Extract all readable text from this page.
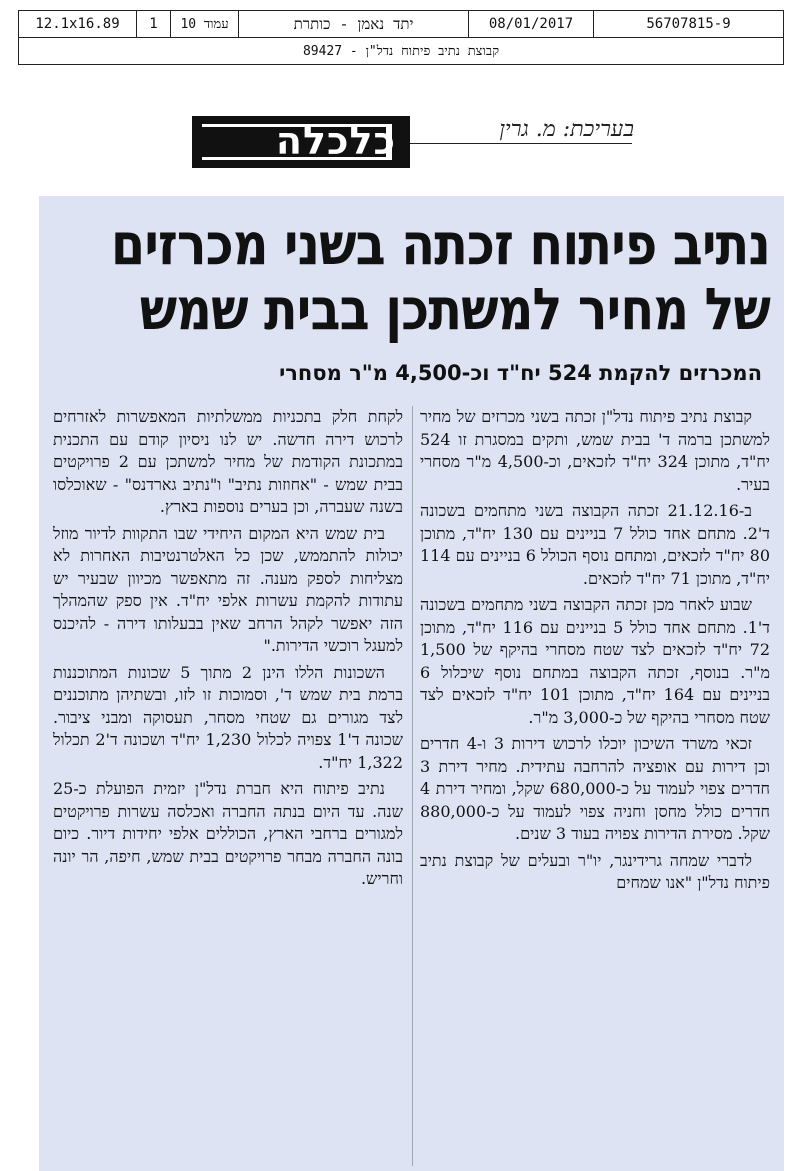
12.1x16.89	1	עמוד 10	יתד נאמן - כותרת	08/01/2017	56707815-9
קבוצת נתיב פיתוח נדל"ן - 89427
כלכלה	בעריכת: מ. גרין
נתיב פיתוח זכתה בשני מכרזים
של מחיר למשתכן בבית שמש
המכרזים להקמת 524 יח"ד וכ-4,500 מ"ר מסחרי

קבוצת נתיב פיתוח נדל"ן זכתה בשני מכרזים של מחיר למשתכן ברמה ד' בבית שמש, ותקים במסגרת זו 524 יח"ד, מתוכן 324 יח"ד לזכאים, וכ-4,500 מ"ר מסחרי בעיר.

ב-21.12.16 זכתה הקבוצה בשני מתחמים בשכונה ד'2. מתחם אחד כולל 7 בניינים עם 130 יח"ד, מתוכן 80 יח"ד לזכאים, ומתחם נוסף הכולל 6 בניינים עם 114 יח"ד, מתוכן 71 יח"ד לזכאים.

שבוע לאחר מכן זכתה הקבוצה בשני מתחמים בשכונה ד'1. מתחם אחד כולל 5 בניינים עם 116 יח"ד, מתוכן 72 יח"ד לזכאים לצד שטח מסחרי בהיקף של 1,500 מ"ר. בנוסף, זכתה הקבוצה במתחם נוסף שיכלול 6 בניינים עם 164 יח"ד, מתוכן 101 יח"ד לזכאים לצד שטח מסחרי בהיקף של כ-3,000 מ"ר.

זכאי משרד השיכון יוכלו לרכוש דירות 3 ו-4 חדרים וכן דירות עם אופציה להרחבה עתידית. מחיר דירת 3 חדרים צפוי לעמוד על כ-680,000 שקל, ומחיר דירת 4 חדרים כולל מחסן וחניה צפוי לעמוד על כ-880,000 שקל. מסירת הדירות צפויה בעוד 3 שנים.

לדברי שמחה גרידינגר, יו"ר ובעלים של קבוצת נתיב פיתוח נדל"ן "אנו שמחים

לקחת חלק בתכניות ממשלתיות המאפשרות לאזרחים לרכוש דירה חדשה. יש לנו ניסיון קודם עם התכנית במתכונת הקודמת של מחיר למשתכן עם 2 פרויקטים בבית שמש - "אחוזות נתיב" ו"נתיב גארדנס" - שאוכלסו בשנה שעברה, וכן בערים נוספות בארץ.

בית שמש היא המקום היחידי שבו התקוות לדיור מוזל יכולות להתממש, שכן כל האלטרנטיבות האחרות לא מצליחות לספק מענה. זה מתאפשר מכיוון שבעיר יש עתודות להקמת עשרות אלפי יח"ד. אין ספק שהמהלך הזה יאפשר לקהל הרחב שאין בבעלותו דירה - להיכנס למעגל רוכשי הדירות."

השכונות הללו הינן 2 מתוך 5 שכונות המתוכננות ברמת בית שמש ד', וסמוכות זו לזו, ובשתיהן מתוכננים לצד מגורים גם שטחי מסחר, תעסוקה ומבני ציבור. שכונה ד'1 צפויה לכלול 1,230 יח"ד ושכונה ד'2 תכלול 1,322 יח"ד.

נתיב פיתוח היא חברת נדל"ן יזמית הפועלת כ-25 שנה. עד היום בנתה החברה ואכלסה עשרות פרויקטים למגורים ברחבי הארץ, הכוללים אלפי יחידות דיור. כיום בונה החברה מבחר פרויקטים בבית שמש, חיפה, הר יונה וחריש.
